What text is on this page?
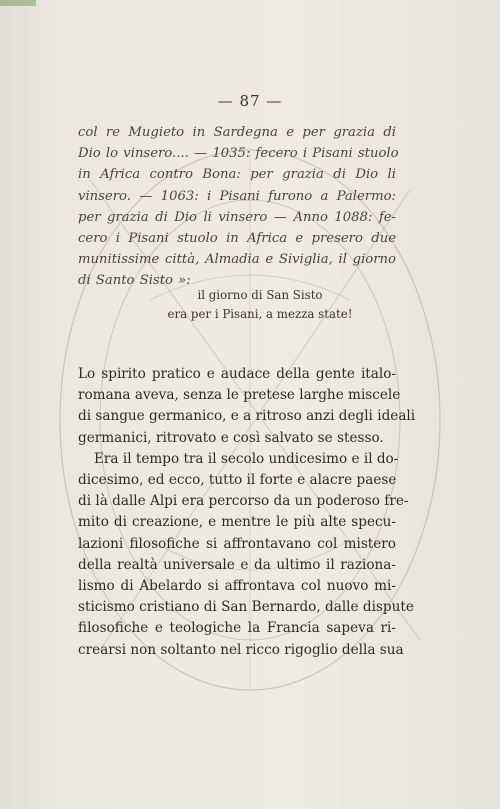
— 87 —
col re Mugieto in Sardegna e per grazia di
Dio lo vinsero.... — 1035: fecero i Pisani stuolo
in Africa contro Bona: per grazia di Dio li
vinsero. — 1063: i Pisani furono a Palermo:
per grazia di Dio li vinsero — Anno 1088: fe-
cero i Pisani stuolo in Africa e presero due
munitissime città, Almadia e Siviglia, il giorno
di Santo Sisto »:
il giorno di San Sisto
era per i Pisani, a mezza state!
Lo spirito pratico e audace della gente italo-
romana aveva, senza le pretese larghe miscele
di sangue germanico, e a ritroso anzi degli ideali
germanici, ritrovato e così salvato se stesso.
Era il tempo tra il secolo undicesimo e il do-
dicesimo, ed ecco, tutto il forte e alacre paese
di là dalle Alpi era percorso da un poderoso fre-
mito di creazione, e mentre le più alte specu-
lazioni filosofiche si affrontavano col mistero
della realtà universale e da ultimo il raziona-
lismo di Abelardo si affrontava col nuovo mi-
sticismo cristiano di San Bernardo, dalle dispute
filosofiche e teologiche la Francia sapeva ri-
crearsi non soltanto nel ricco rigoglio della sua
